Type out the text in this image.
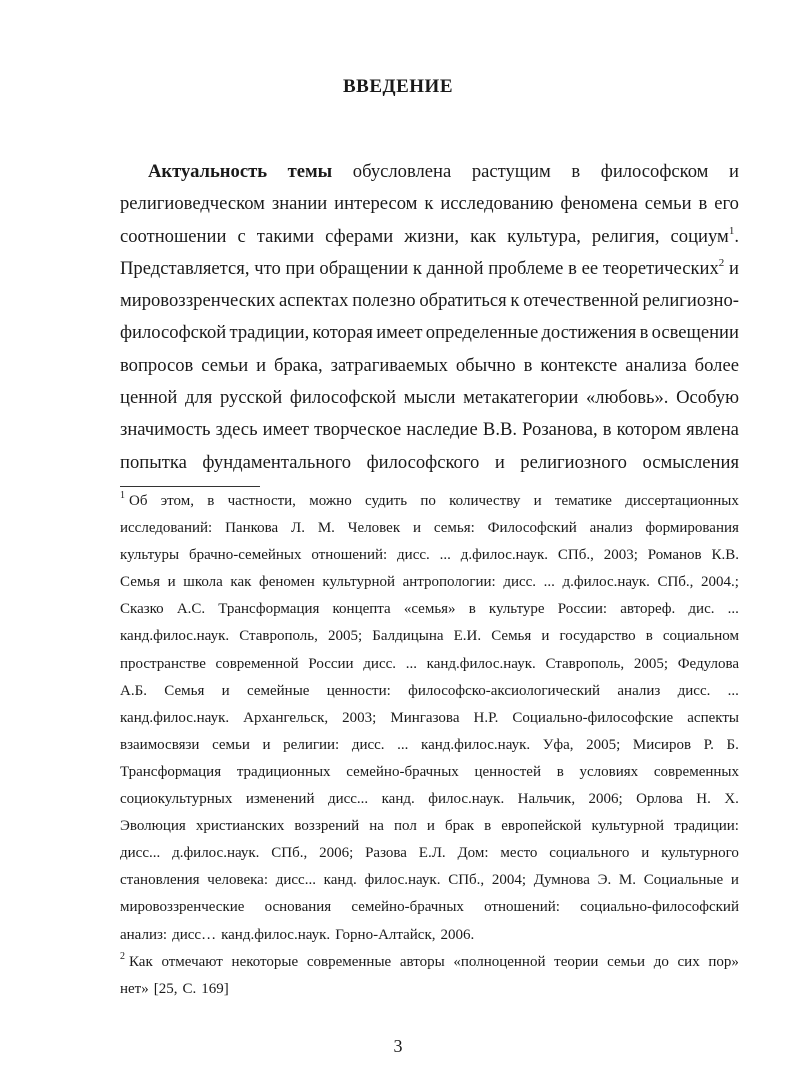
ВВЕДЕНИЕ
Актуальность темы обусловлена растущим в философском и
религиоведческом знании интересом к исследованию феномена семьи в его
соотношении с такими сферами жизни, как культура, религия, социум$^1$.
Представляется, что при обращении к данной проблеме в ее теоретических$^2$ и
мировоззренческих аспектах полезно обратиться к отечественной религиозно-
философской традиции, которая имеет определенные достижения в освещении
вопросов семьи и брака, затрагиваемых обычно в контексте анализа более
ценной для русской философской мысли метакатегории «любовь». Особую
значимость здесь имеет творческое наследие В.В. Розанова, в котором явлена
попытка фундаментального философского и религиозного осмысления
$^1$ Об этом, в частности, можно судить по количеству и тематике диссертационных
исследований: Панкова Л. М. Человек и семья: Философский анализ формирования
культуры брачно-семейных отношений: дисс. ... д.филос.наук. СПб., 2003; Романов К.В.
Семья и школа как феномен культурной антропологии: дисс. ... д.филос.наук. СПб., 2004.;
Сказко А.С. Трансформация концепта «семья» в культуре России: автореф. дис. ...
канд.филос.наук. Ставрополь, 2005; Балдицына Е.И. Семья и государство в социальном
пространстве современной России дисс. ... канд.филос.наук. Ставрополь, 2005; Федулова
А.Б. Семья и семейные ценности: философско-аксиологический анализ дисс. ...
канд.филос.наук. Архангельск, 2003; Мингазова Н.Р. Социально-философские аспекты
взаимосвязи семьи и религии: дисс. ... канд.филос.наук. Уфа, 2005; Мисиров Р. Б.
Трансформация традиционных семейно-брачных ценностей в условиях современных
социокультурных изменений дисс... канд. филос.наук. Нальчик, 2006; Орлова Н. Х.
Эволюция христианских воззрений на пол и брак в европейской культурной традиции:
дисс... д.филос.наук. СПб., 2006; Разова Е.Л. Дом: место социального и культурного
становления человека: дисс... канд. филос.наук. СПб., 2004; Думнова Э. М. Социальные и
мировоззренческие основания семейно-брачных отношений: социально-философский
анализ: дисс… канд.филос.наук. Горно-Алтайск, 2006.
$^2$ Как отмечают некоторые современные авторы «полноценной теории семьи до сих пор»
нет» [25, С. 169]
3
